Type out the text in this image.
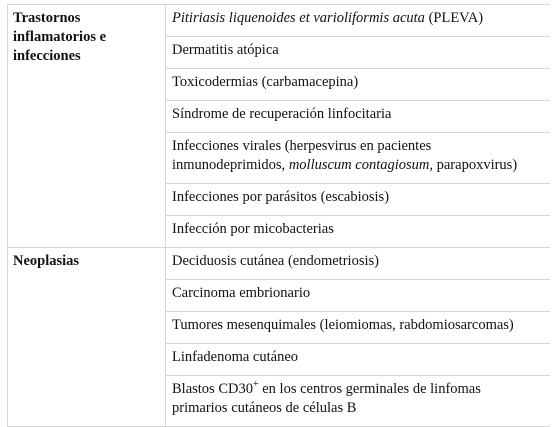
Trastornos inflamatorios e infecciones	Pitiriasis liquenoides et varioliformis acuta (PLEVA)
	Dermatitis atópica
	Toxicodermias (carbamacepina)
	Síndrome de recuperación linfocitaria
	Infecciones virales (herpesvirus en pacientes
inmunodeprimidos, molluscum contagiosum, parapoxvirus)
	Infecciones por parásitos (escabiosis)
	Infección por micobacterias
Neoplasias	Deciduosis cutánea (endometriosis)
	Carcinoma embrionario
	Tumores mesenquimales (leiomiomas, rabdomiosarcomas)
	Linfadenoma cutáneo
	Blastos CD30+ en los centros germinales de linfomas
primarios cutáneos de células B
